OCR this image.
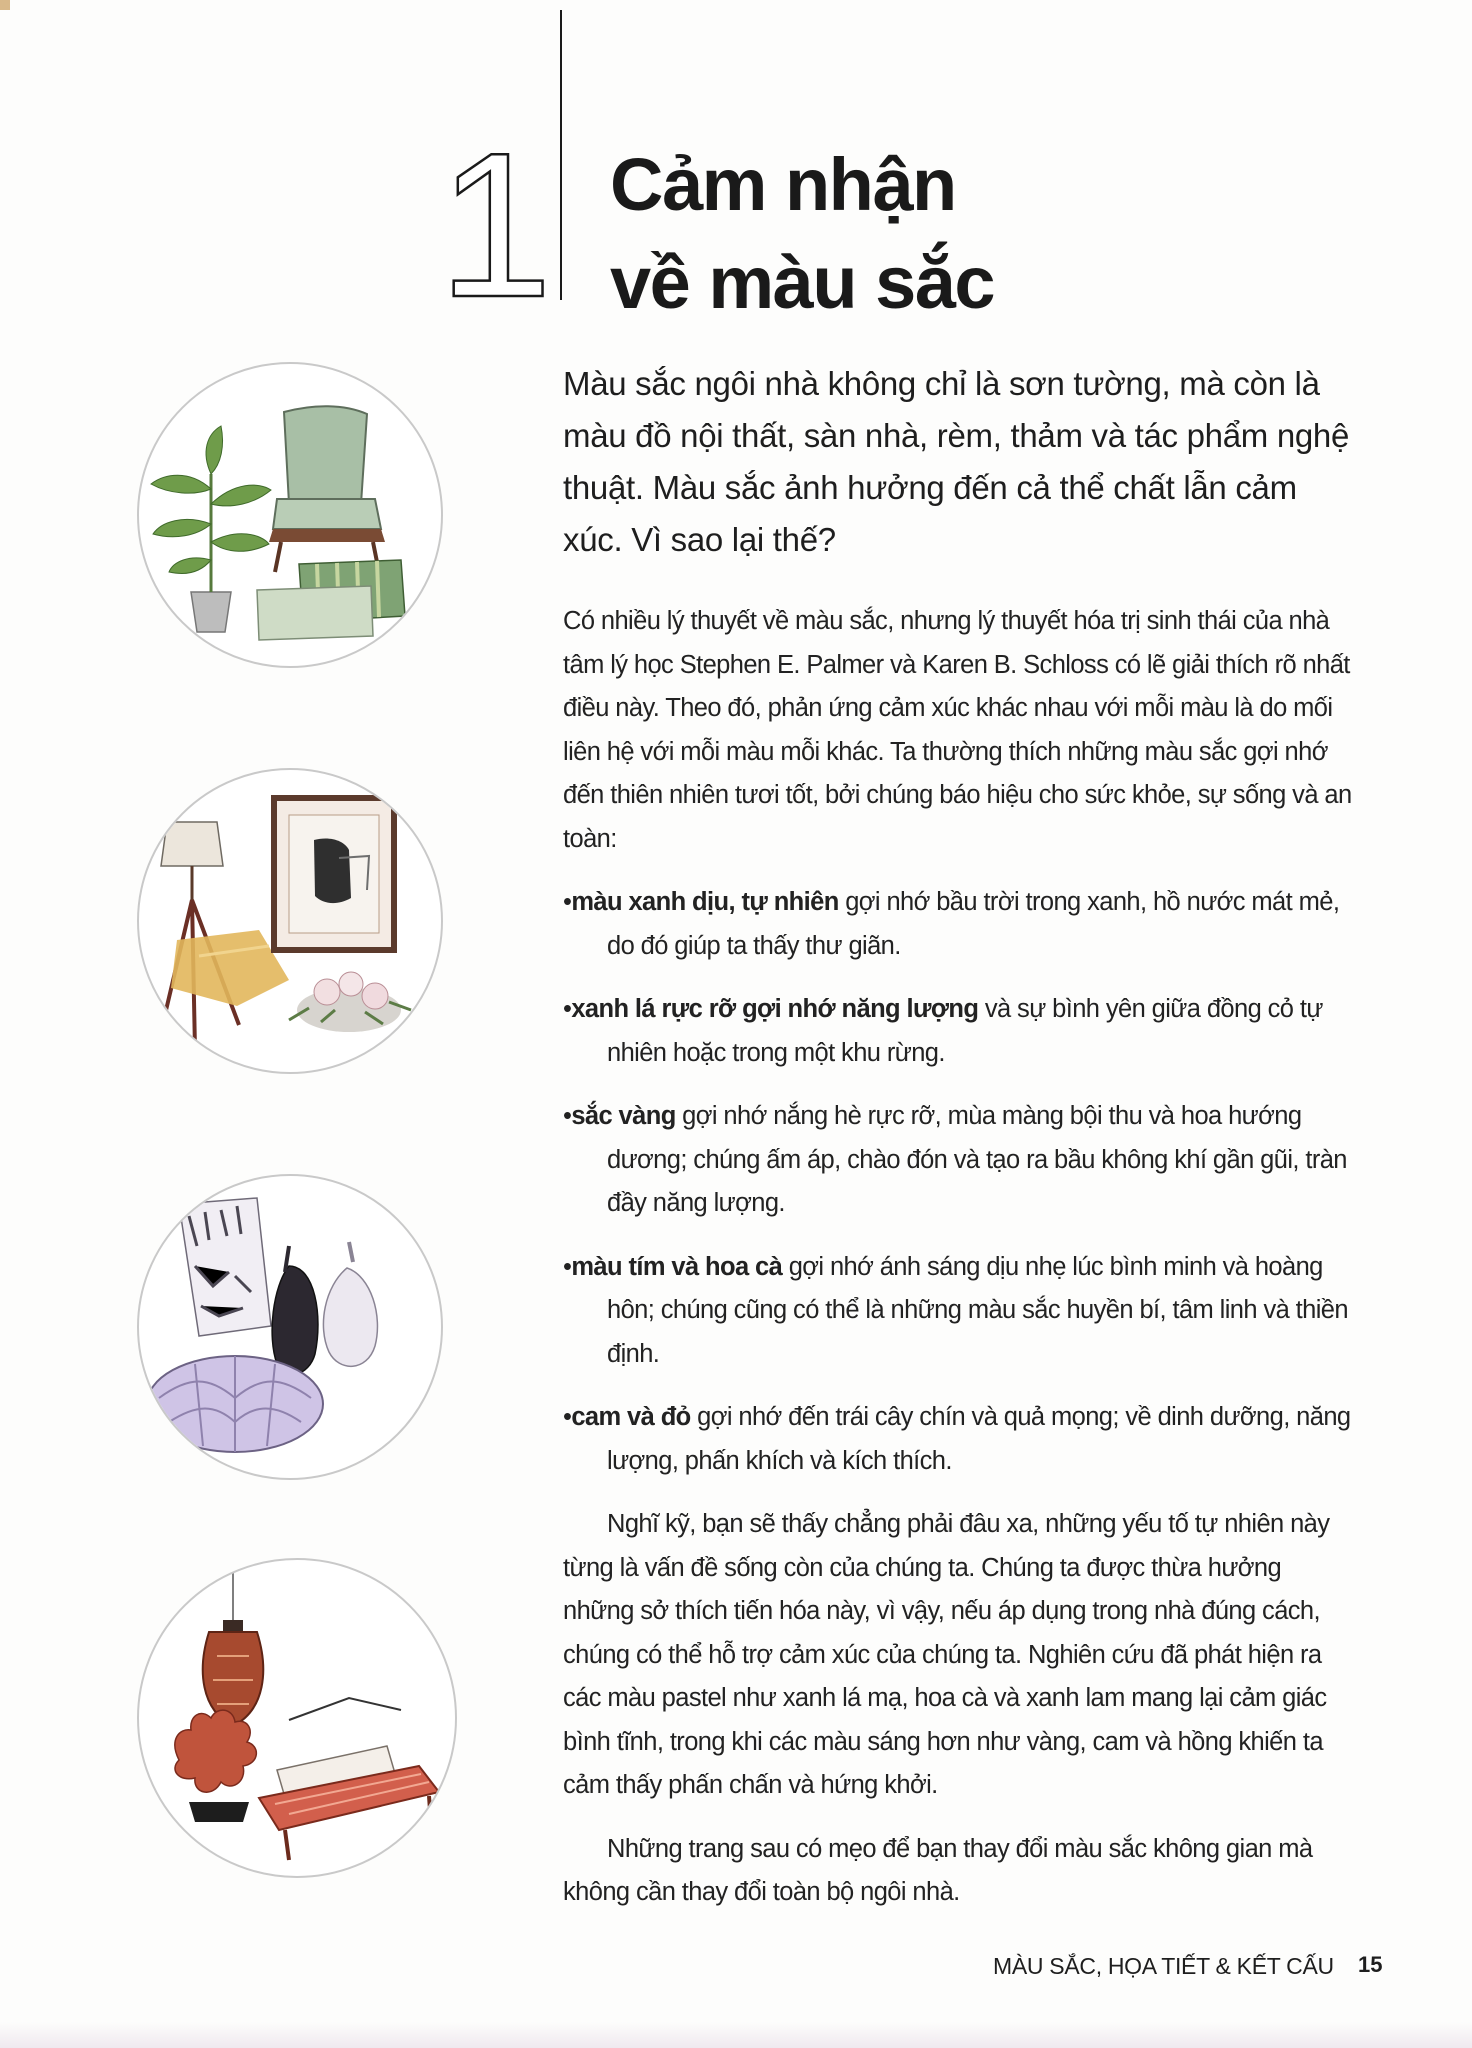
1 Cảm nhận
về màu sắc

Màu sắc ngôi nhà không chỉ là sơn tường, mà còn là màu đồ nội thất, sàn nhà, rèm, thảm và tác phẩm nghệ thuật. Màu sắc ảnh hưởng đến cả thể chất lẫn cảm xúc. Vì sao lại thế?

Có nhiều lý thuyết về màu sắc, nhưng lý thuyết hóa trị sinh thái của nhà tâm lý học Stephen E. Palmer và Karen B. Schloss có lẽ giải thích rõ nhất điều này. Theo đó, phản ứng cảm xúc khác nhau với mỗi màu là do mối liên hệ với mỗi màu mỗi khác. Ta thường thích những màu sắc gợi nhớ đến thiên nhiên tươi tốt, bởi chúng báo hiệu cho sức khỏe, sự sống và an toàn:

•màu xanh dịu, tự nhiên gợi nhớ bầu trời trong xanh, hồ nước mát mẻ, do đó giúp ta thấy thư giãn.

•xanh lá rực rỡ gợi nhớ năng lượng và sự bình yên giữa đồng cỏ tự nhiên hoặc trong một khu rừng.

•sắc vàng gợi nhớ nắng hè rực rỡ, mùa màng bội thu và hoa hướng dương; chúng ấm áp, chào đón và tạo ra bầu không khí gần gũi, tràn đầy năng lượng.

•màu tím và hoa cà gợi nhớ ánh sáng dịu nhẹ lúc bình minh và hoàng hôn; chúng cũng có thể là những màu sắc huyền bí, tâm linh và thiền định.

•cam và đỏ gợi nhớ đến trái cây chín và quả mọng; về dinh dưỡng, năng lượng, phấn khích và kích thích.

Nghĩ kỹ, bạn sẽ thấy chẳng phải đâu xa, những yếu tố tự nhiên này từng là vấn đề sống còn của chúng ta. Chúng ta được thừa hưởng những sở thích tiến hóa này, vì vậy, nếu áp dụng trong nhà đúng cách, chúng có thể hỗ trợ cảm xúc của chúng ta. Nghiên cứu đã phát hiện ra các màu pastel như xanh lá mạ, hoa cà và xanh lam mang lại cảm giác bình tĩnh, trong khi các màu sáng hơn như vàng, cam và hồng khiến ta cảm thấy phấn chấn và hứng khởi.

Những trang sau có mẹo để bạn thay đổi màu sắc không gian mà không cần thay đổi toàn bộ ngôi nhà.

MÀU SẮC, HỌA TIẾT & KẾT CẤU 15
